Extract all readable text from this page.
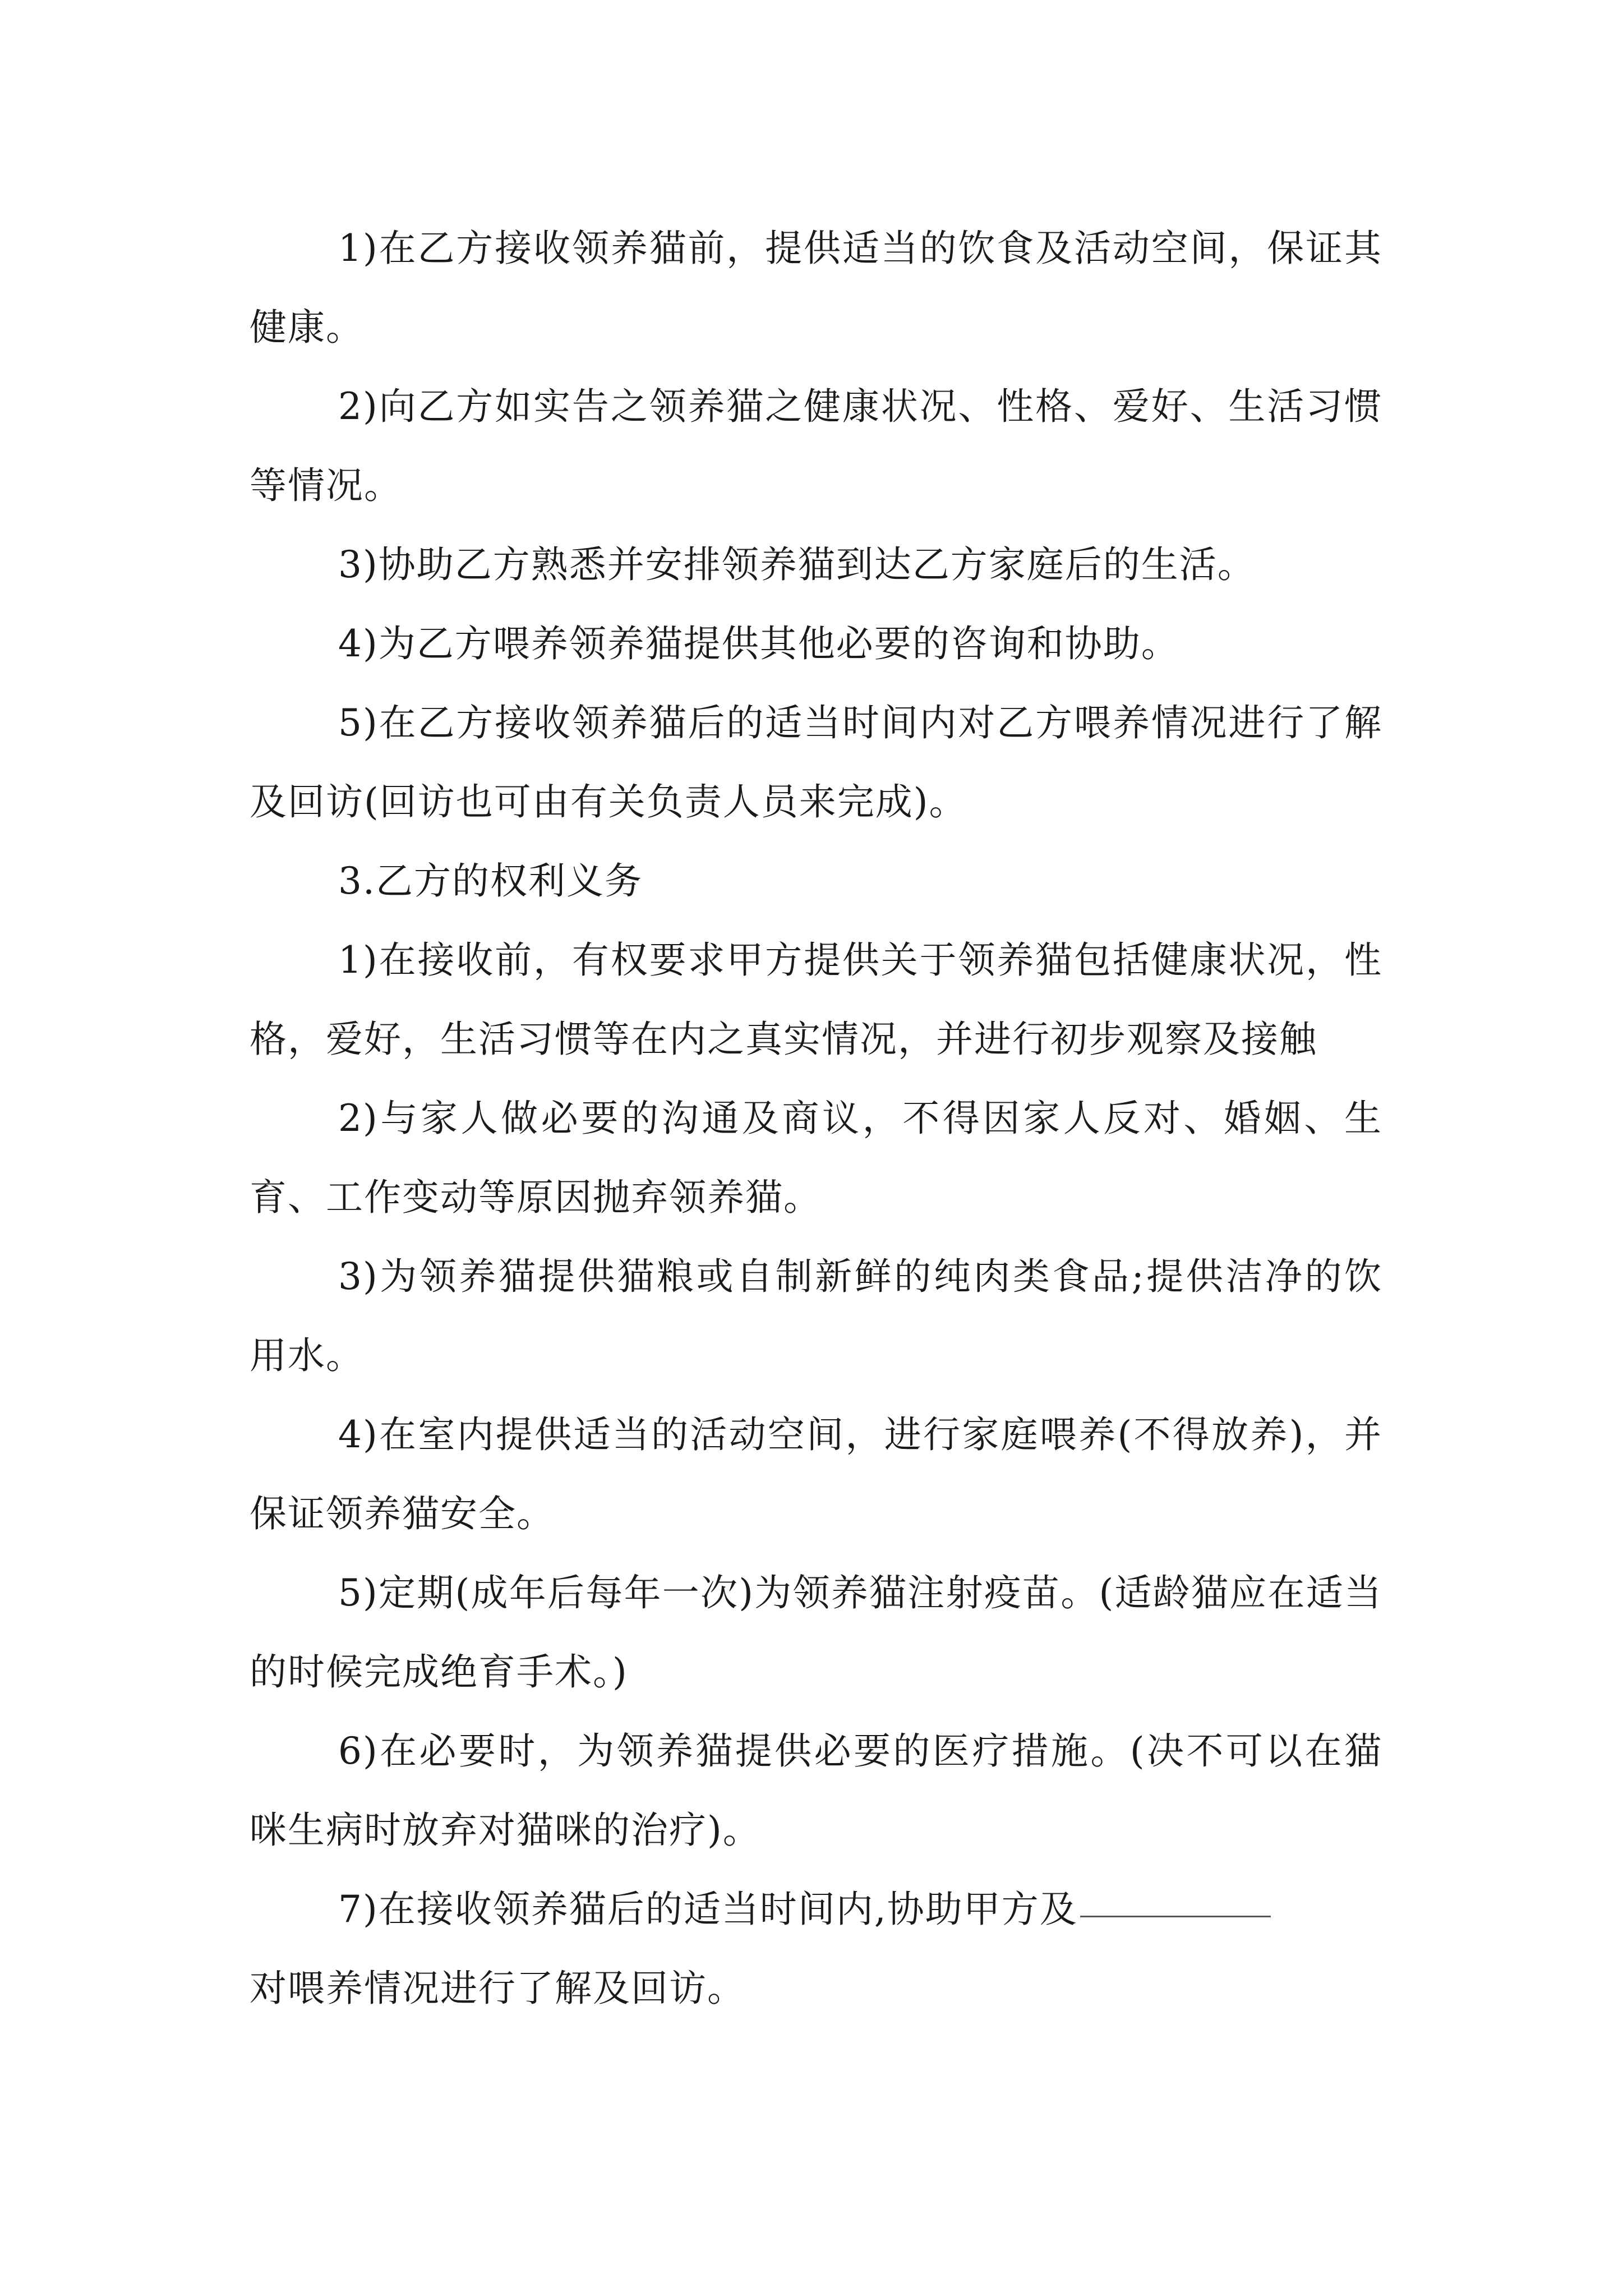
1)在乙方接收领养猫前，提供适当的饮食及活动空间，保证其健康。

2)向乙方如实告之领养猫之健康状况、性格、爱好、生活习惯等情况。

3)协助乙方熟悉并安排领养猫到达乙方家庭后的生活。

4)为乙方喂养领养猫提供其他必要的咨询和协助。

5)在乙方接收领养猫后的适当时间内对乙方喂养情况进行了解及回访(回访也可由有关负责人员来完成)。

3.乙方的权利义务

1)在接收前，有权要求甲方提供关于领养猫包括健康状况，性格，爱好，生活习惯等在内之真实情况，并进行初步观察及接触

2)与家人做必要的沟通及商议，不得因家人反对、婚姻、生育、工作变动等原因抛弃领养猫。

3)为领养猫提供猫粮或自制新鲜的纯肉类食品;提供洁净的饮用水。

4)在室内提供适当的活动空间，进行家庭喂养(不得放养)，并保证领养猫安全。

5)定期(成年后每年一次)为领养猫注射疫苗。(适龄猫应在适当的时候完成绝育手术。)

6)在必要时，为领养猫提供必要的医疗措施。(决不可以在猫咪生病时放弃对猫咪的治疗)。

7)在接收领养猫后的适当时间内,协助甲方及
对喂养情况进行了解及回访。
